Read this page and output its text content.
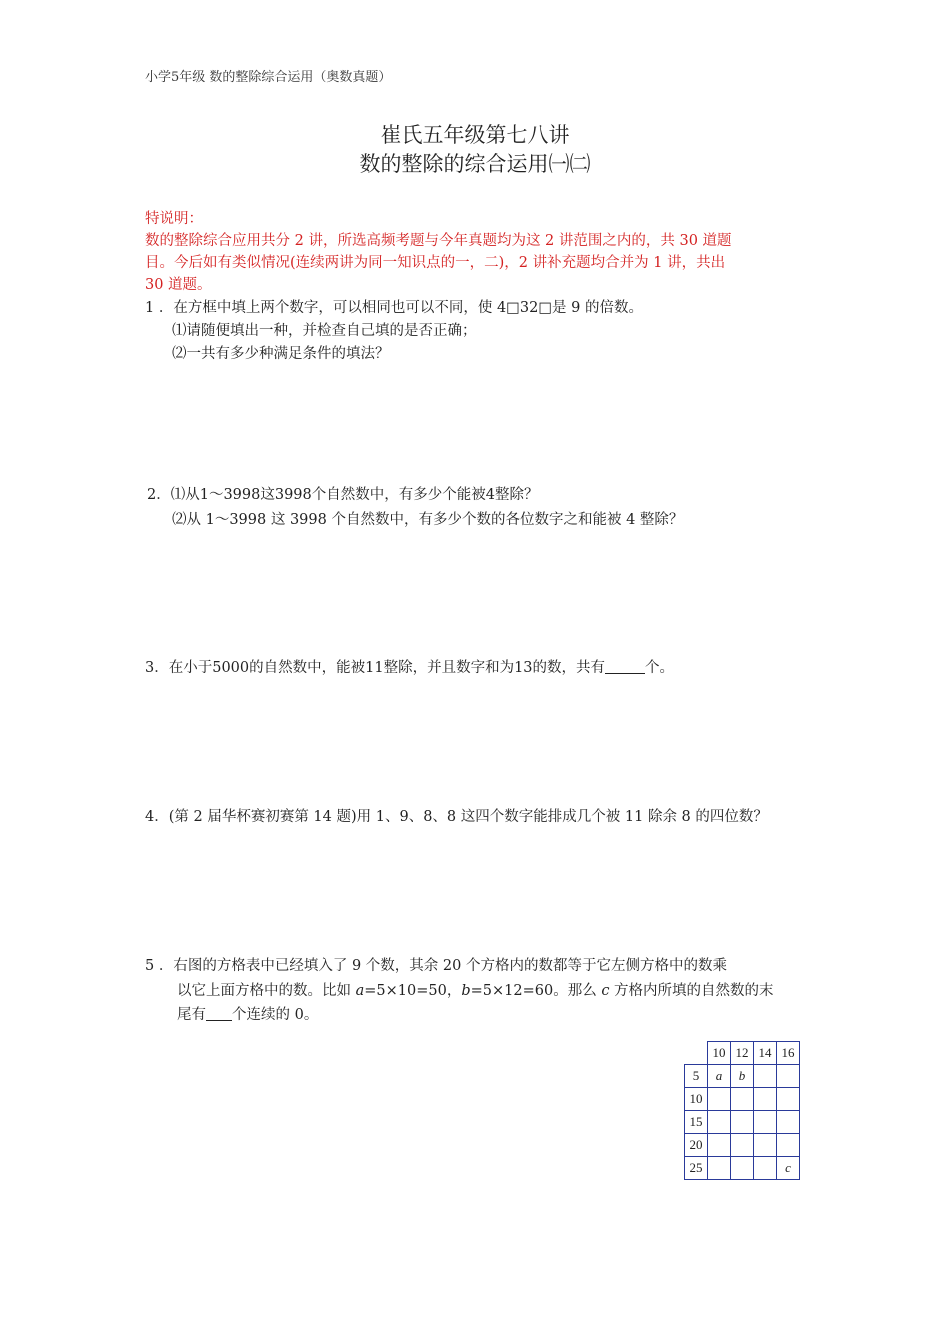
小学5年级 数的整除综合运用（奥数真题）
崔氏五年级第七八讲
数的整除的综合运用㈠㈡
特说明：
数的整除综合应用共分 2 讲，所选高频考题与今年真题均为这 2 讲范围之内的，共 30 道题
目。今后如有类似情况(连续两讲为同一知识点的一，二)，2 讲补充题均合并为 1 讲，共出
30 道题。
1 ．在方框中填上两个数字，可以相同也可以不同，使 4□32□是 9 的倍数。
⑴请随便填出一种，并检查自己填的是否正确；
⑵一共有多少种满足条件的填法？
2．⑴从1～3998这3998个自然数中，有多少个能被4整除？
⑵从 1～3998 这 3998 个自然数中，有多少个数的各位数字之和能被 4 整除？
3．在小于5000的自然数中，能被11整除，并且数字和为13的数，共有	个。
4．(第 2 届华杯赛初赛第 14 题)用 1、9、8、8 这四个数字能排成几个被 11 除余 8 的四位数？
5 ．右图的方格表中已经填入了 9 个数，其余 20 个方格内的数都等于它左侧方格中的数乘
以它上面方格中的数。比如 a=5×10=50，b=5×12=60。那么 c 方格内所填的自然数的末
尾有 个连续的 0。
	10	12	14	16
5	a	b		
10				
15				
20				
25				c
